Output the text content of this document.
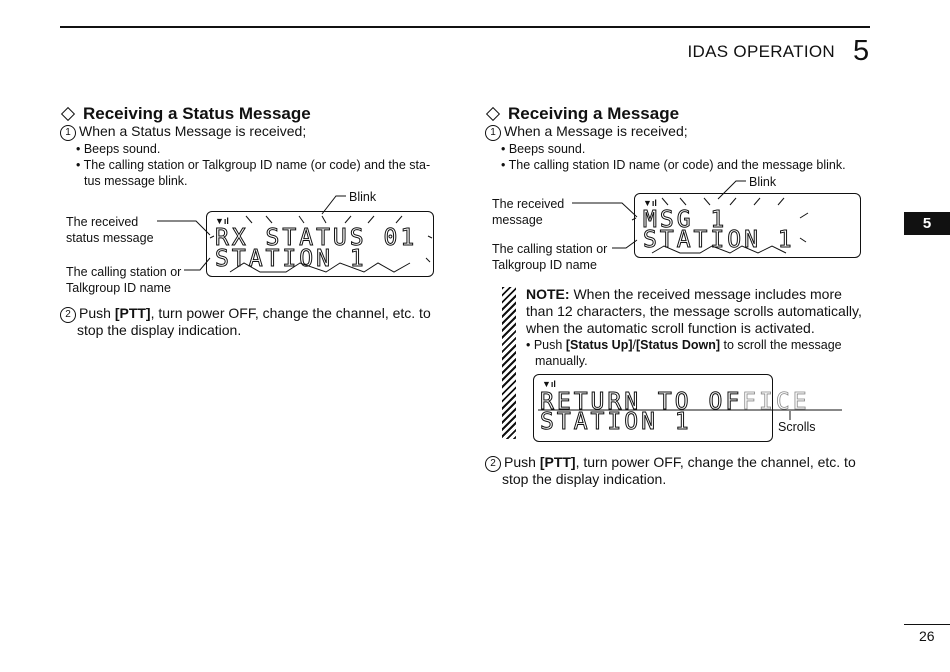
IDAS OPERATION 5
5
26
Receiving a Status Message
1 When a Status Message is received;
• Beeps sound.
• The calling station or Talkgroup ID name (or code) and the sta-
tus message blink.
Blink
The received
status message
The calling station or
Talkgroup ID name
▼ıl
RX STATUS 01
STATION 1
2 Push [PTT], turn power OFF, change the channel, etc. to
stop the display indication.
Receiving a Message
1 When a Message is received;
• Beeps sound.
• The calling station ID name (or code) and the message blink.
Blink
The received
message
The calling station or
Talkgroup ID name
▼ıl
MSG 1
STATION 1
NOTE: When the received message includes more
than 12 characters, the message scrolls automatically,
when the automatic scroll function is activated.
• Push [Status Up]/[Status Down] to scroll the message
manually.
▼ıl
RETURN TO OFFICE
STATION 1	Scrolls
2 Push [PTT], turn power OFF, change the channel, etc. to
stop the display indication.
